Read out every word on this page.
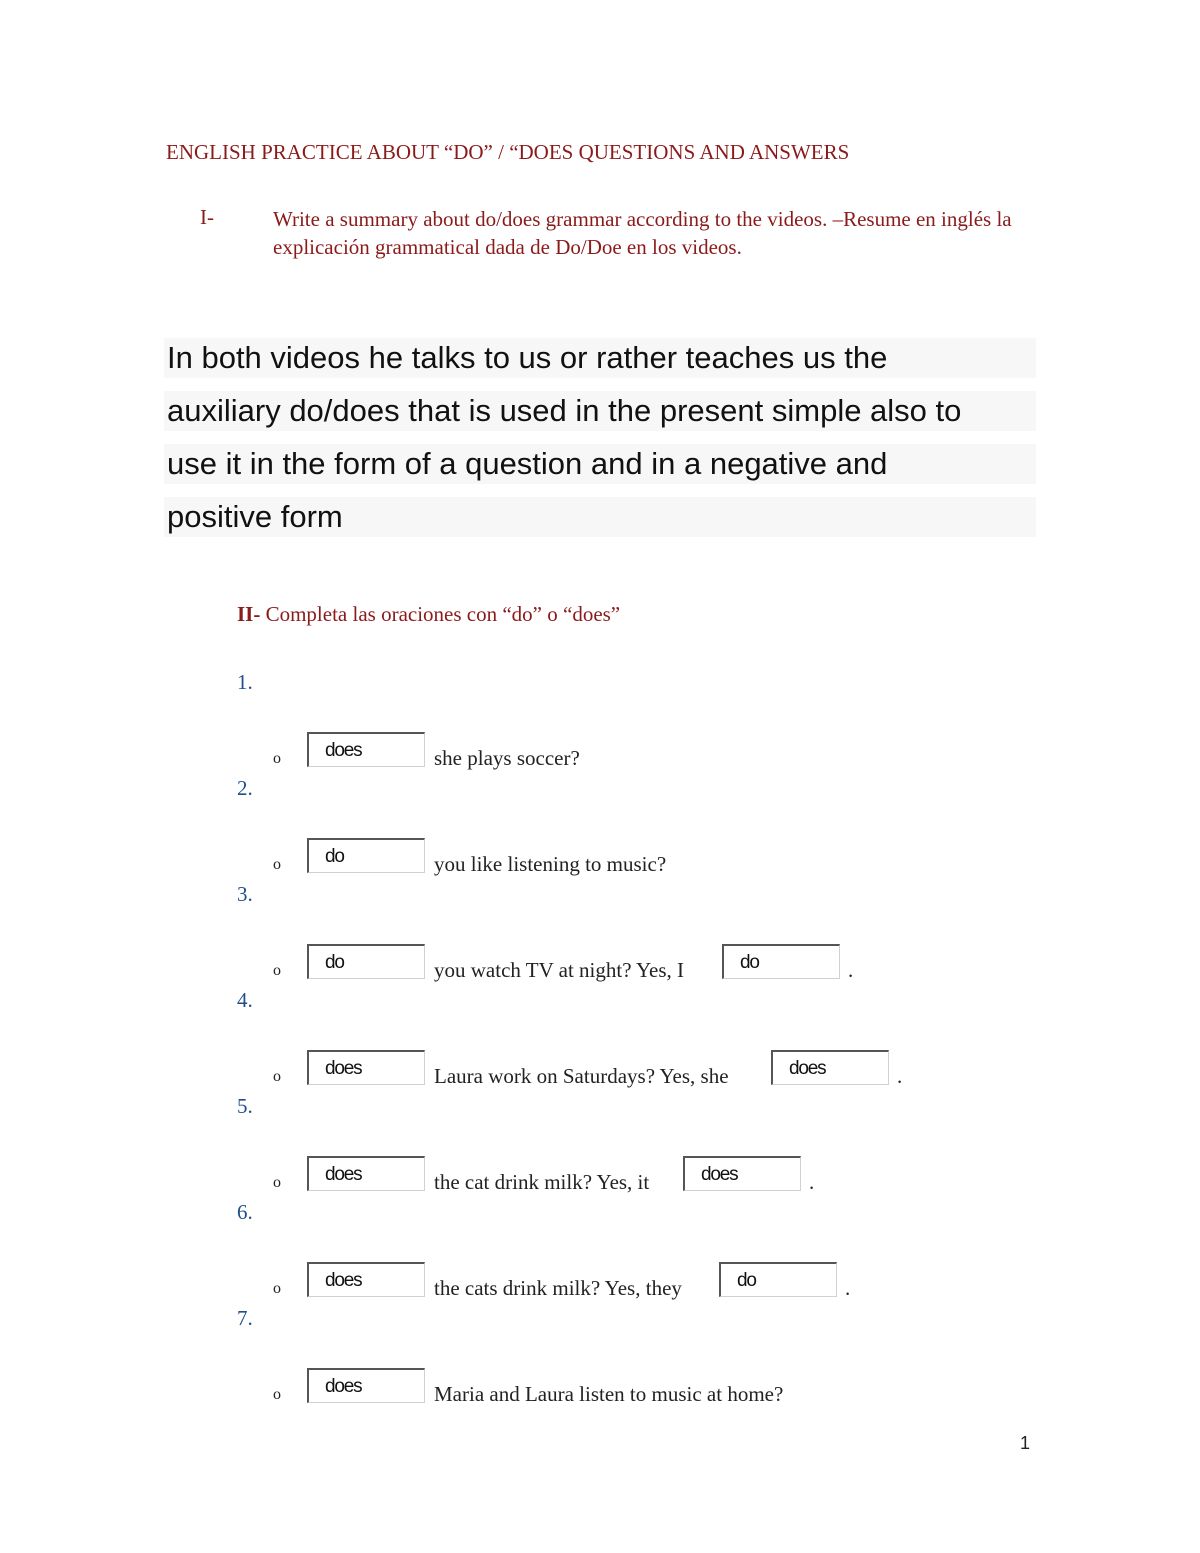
ENGLISH PRACTICE ABOUT “DO” / “DOES QUESTIONS AND ANSWERS
I-	Write a summary about do/does grammar according to the videos. –Resume en inglés la explicación grammatical dada de Do/Doe en los videos.
In both videos he talks to us or rather teaches us the
auxiliary do/does that is used in the present simple also to
use it in the form of a question and in a negative and
positive form
II- Completa las oraciones con “do” o “does”
1.
o
does	she plays soccer?
2.
o
do	you like listening to music?
3.
o
do	you watch TV at night? Yes, I
do	.
4.
o
does	Laura work on Saturdays? Yes, she
does	.
5.
o
does	the cat drink milk? Yes, it
does	.
6.
o
does	the cats drink milk? Yes, they
do	.
7.
o
does	Maria and Laura listen to music at home?
1
